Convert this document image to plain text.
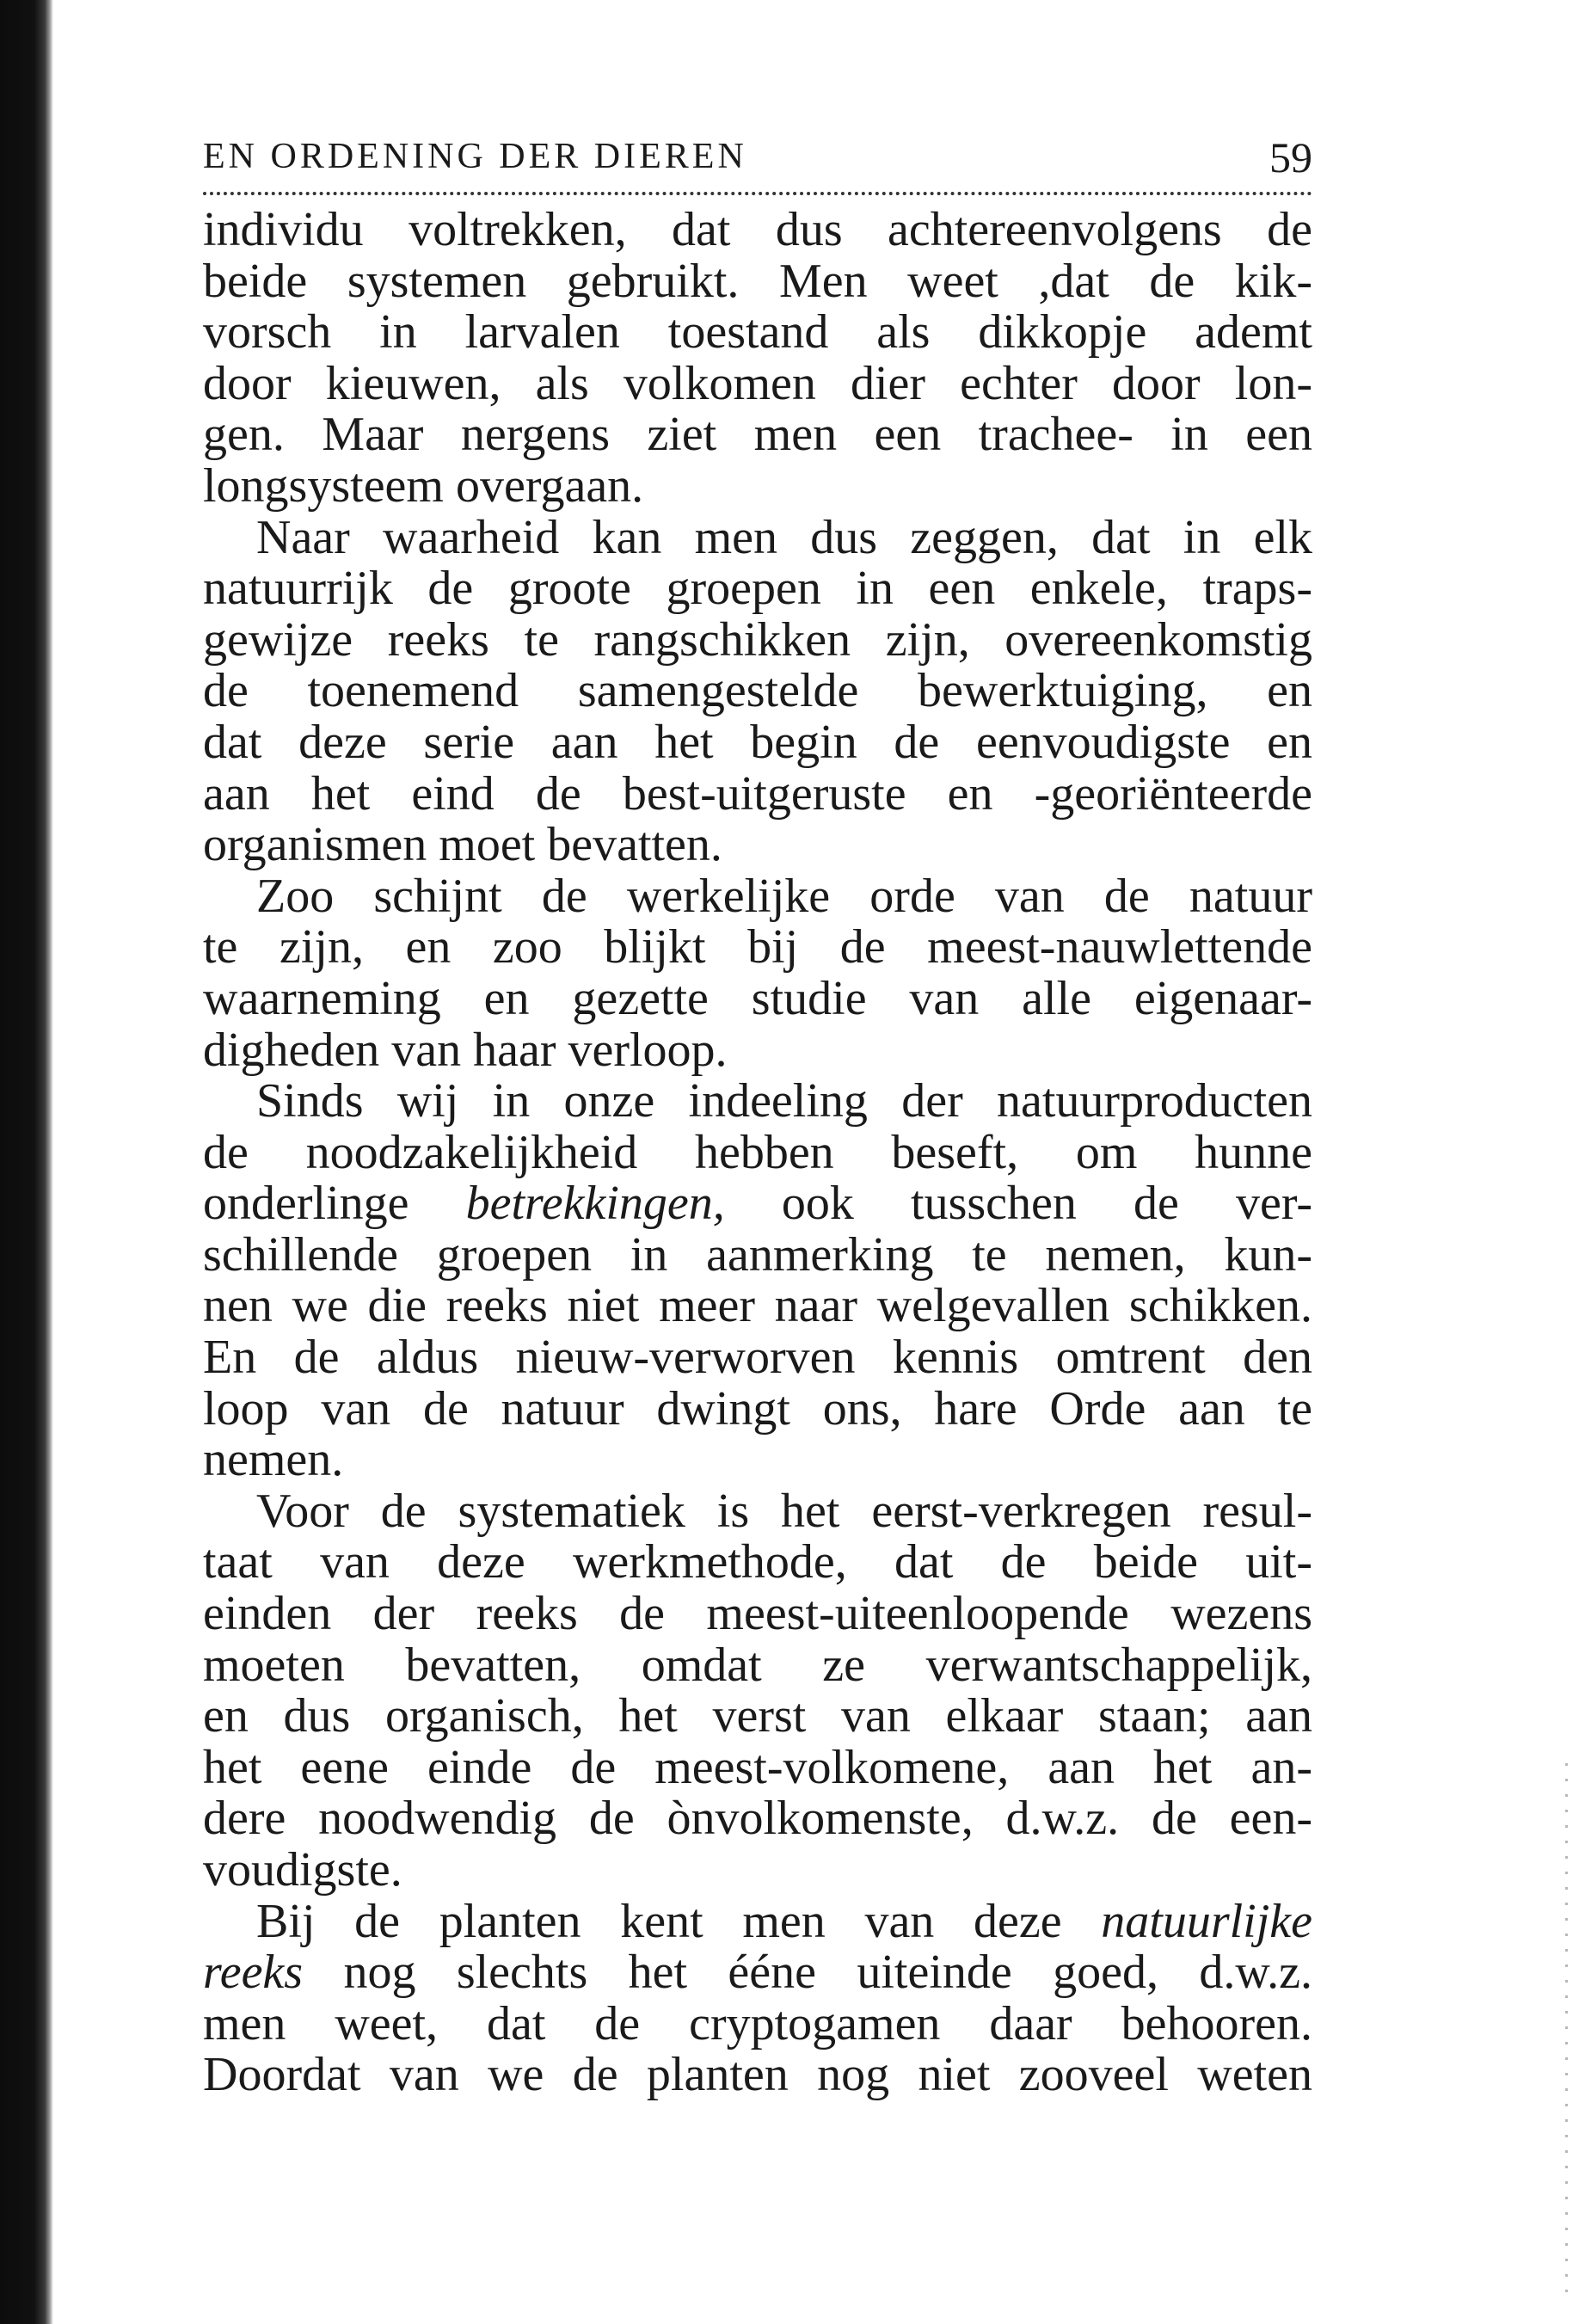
EN ORDENING DER DIEREN	59
individu voltrekken, dat dus achtereenvolgens de
beide systemen gebruikt. Men weet ,dat de kik-
vorsch in larvalen toestand als dikkopje ademt
door kieuwen, als volkomen dier echter door lon-
gen. Maar nergens ziet men een trachee- in een
longsysteem overgaan.
Naar waarheid kan men dus zeggen, dat in elk
natuurrijk de groote groepen in een enkele, traps-
gewijze reeks te rangschikken zijn, overeenkomstig
de toenemend samengestelde bewerktuiging, en
dat deze serie aan het begin de eenvoudigste en
aan het eind de best-uitgeruste en -georiënteerde
organismen moet bevatten.
Zoo schijnt de werkelijke orde van de natuur
te zijn, en zoo blijkt bij de meest-nauwlettende
waarneming en gezette studie van alle eigenaar-
digheden van haar verloop.
Sinds wij in onze indeeling der natuurproducten
de noodzakelijkheid hebben beseft, om hunne
onderlinge betrekkingen, ook tusschen de ver-
schillende groepen in aanmerking te nemen, kun-
nen we die reeks niet meer naar welgevallen schikken.
En de aldus nieuw-verworven kennis omtrent den
loop van de natuur dwingt ons, hare Orde aan te
nemen.
Voor de systematiek is het eerst-verkregen resul-
taat van deze werkmethode, dat de beide uit-
einden der reeks de meest-uiteenloopende wezens
moeten bevatten, omdat ze verwantschappelijk,
en dus organisch, het verst van elkaar staan; aan
het eene einde de meest-volkomene, aan het an-
dere noodwendig de ònvolkomenste, d.w.z. de een-
voudigste.
Bij de planten kent men van deze natuurlijke
reeks nog slechts het ééne uiteinde goed, d.w.z.
men weet, dat de cryptogamen daar behooren.
Doordat van we de planten nog niet zooveel weten
